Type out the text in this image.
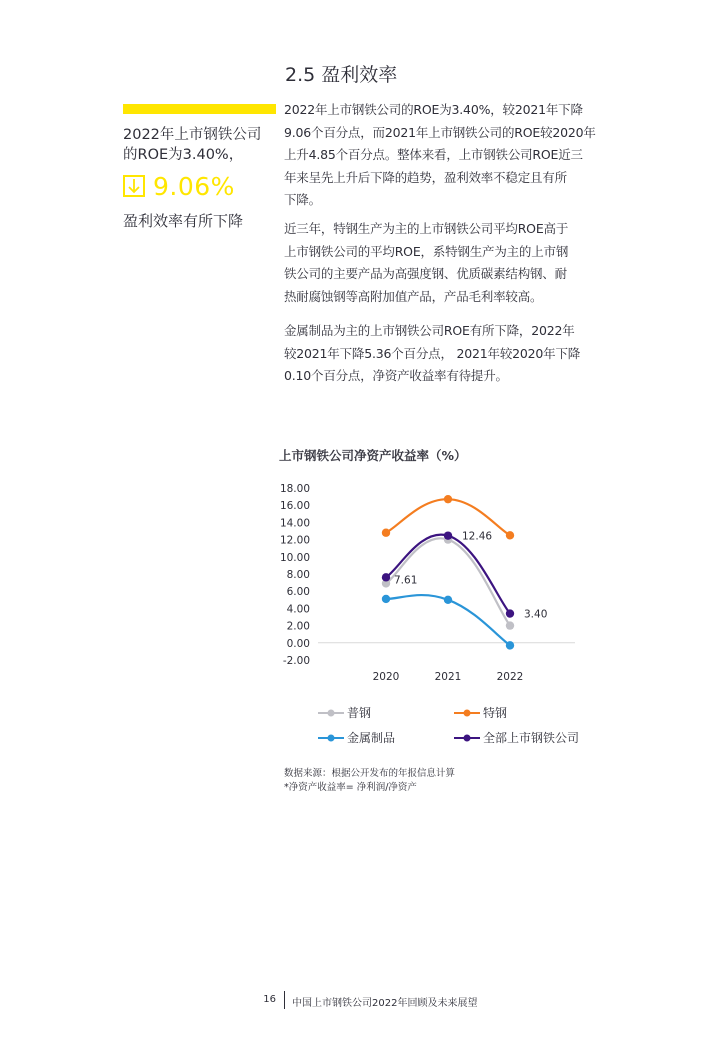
2.5 盈利效率
2022年上市钢铁公司
的ROE为3.40%，
9.06%
盈利效率有所下降
2022年上市钢铁公司的ROE为3.40%，较2021年下降
9.06个百分点，而2021年上市钢铁公司的ROE较2020年
上升4.85个百分点。整体来看，上市钢铁公司ROE近三
年来呈先上升后下降的趋势，盈利效率不稳定且有所
下降。
近三年，特钢生产为主的上市钢铁公司平均ROE高于
上市钢铁公司的平均ROE，系特钢生产为主的上市钢
铁公司的主要产品为高强度钢、优质碳素结构钢、耐
热耐腐蚀钢等高附加值产品，产品毛利率较高。
金属制品为主的上市钢铁公司ROE有所下降，2022年
较2021年下降5.36个百分点， 2021年较2020年下降
0.10个百分点，净资产收益率有待提升。
上市钢铁公司净资产收益率（%）
18.00
16.00
14.00
12.00
10.00
8.00
6.00
4.00
2.00
0.00
-2.00
2020	2021	2022
7.61
12.46
3.40
普钢	特钢
金属制品	全部上市钢铁公司
数据来源：根据公开发布的年报信息计算
*净资产收益率= 净利润/净资产
16 中国上市钢铁公司2022年回顾及未来展望
